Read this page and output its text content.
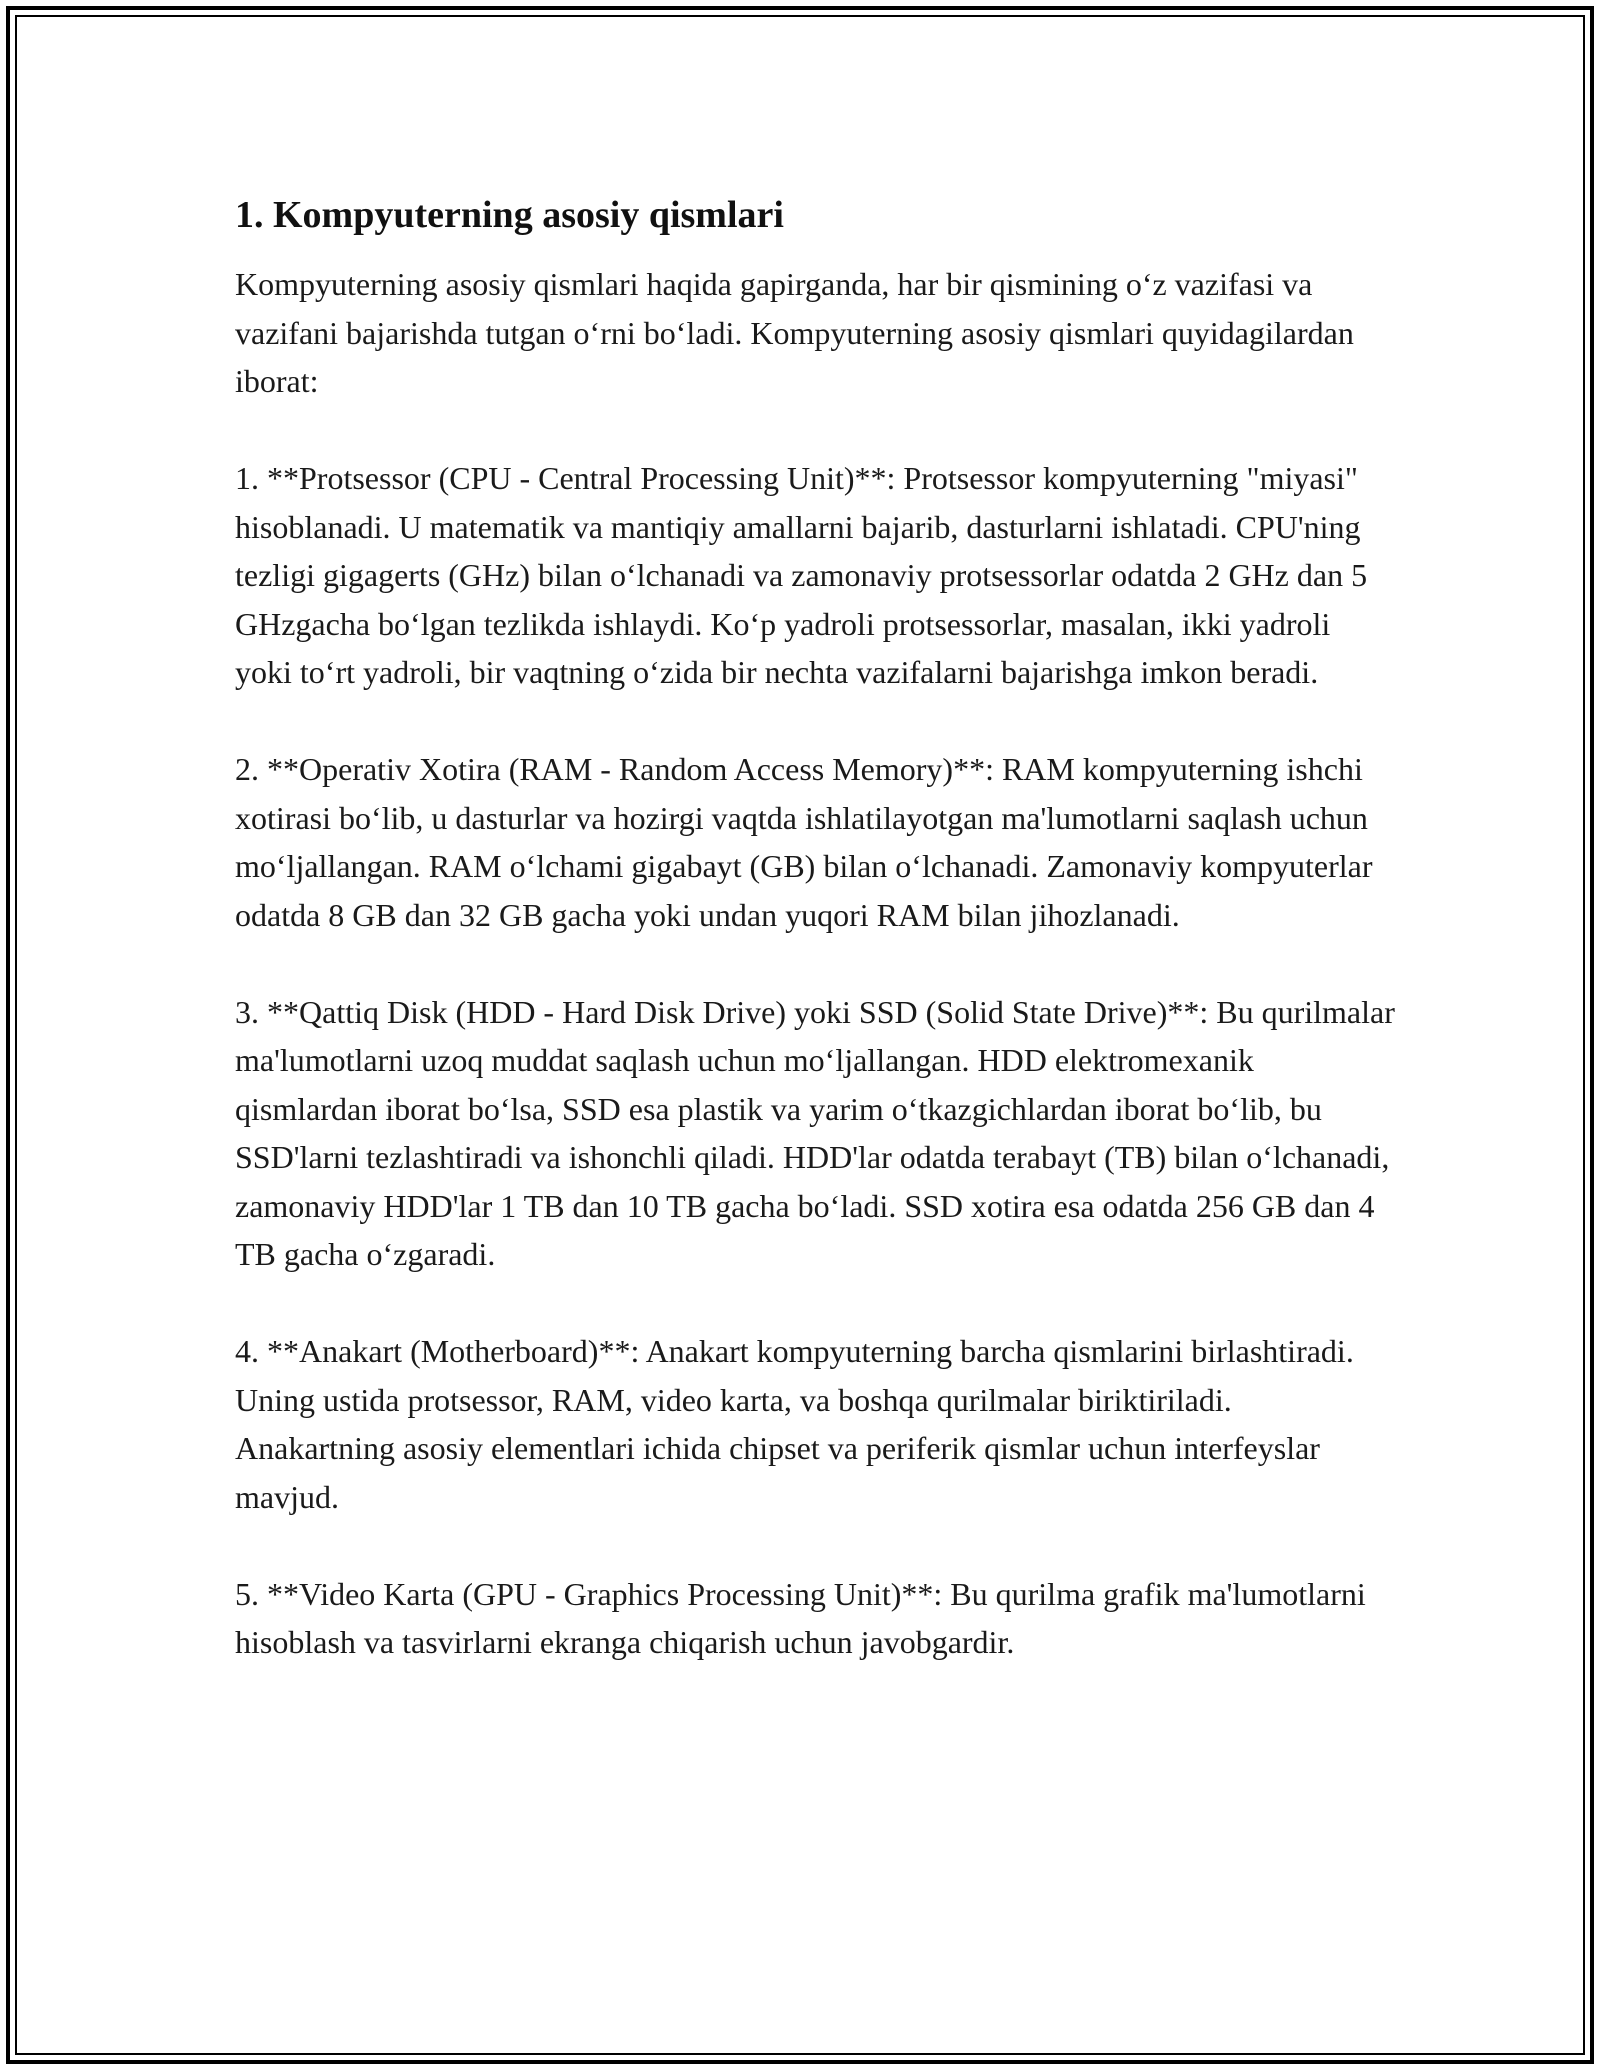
1. Kompyuterning asosiy qismlari

Kompyuterning asosiy qismlari haqida gapirganda, har bir qismining o‘z vazifasi va vazifani bajarishda tutgan o‘rni bo‘ladi. Kompyuterning asosiy qismlari quyidagilardan iborat:

1. **Protsessor (CPU - Central Processing Unit)**: Protsessor kompyuterning "miyasi" hisoblanadi. U matematik va mantiqiy amallarni bajarib, dasturlarni ishlatadi. CPU'ning tezligi gigagerts (GHz) bilan o‘lchanadi va zamonaviy protsessorlar odatda 2 GHz dan 5 GHzgacha bo‘lgan tezlikda ishlaydi. Ko‘p yadroli protsessorlar, masalan, ikki yadroli yoki to‘rt yadroli, bir vaqtning o‘zida bir nechta vazifalarni bajarishga imkon beradi.

2. **Operativ Xotira (RAM - Random Access Memory)**: RAM kompyuterning ishchi xotirasi bo‘lib, u dasturlar va hozirgi vaqtda ishlatilayotgan ma'lumotlarni saqlash uchun mo‘ljallangan. RAM o‘lchami gigabayt (GB) bilan o‘lchanadi. Zamonaviy kompyuterlar odatda 8 GB dan 32 GB gacha yoki undan yuqori RAM bilan jihozlanadi.

3. **Qattiq Disk (HDD - Hard Disk Drive) yoki SSD (Solid State Drive)**: Bu qurilmalar ma'lumotlarni uzoq muddat saqlash uchun mo‘ljallangan. HDD elektromexanik qismlardan iborat bo‘lsa, SSD esa plastik va yarim o‘tkazgichlardan iborat bo‘lib, bu SSD'larni tezlashtiradi va ishonchli qiladi. HDD'lar odatda terabayt (TB) bilan o‘lchanadi, zamonaviy HDD'lar 1 TB dan 10 TB gacha bo‘ladi. SSD xotira esa odatda 256 GB dan 4 TB gacha o‘zgaradi.

4. **Anakart (Motherboard)**: Anakart kompyuterning barcha qismlarini birlashtiradi. Uning ustida protsessor, RAM, video karta, va boshqa qurilmalar biriktiriladi. Anakartning asosiy elementlari ichida chipset va periferik qismlar uchun interfeyslar mavjud.

5. **Video Karta (GPU - Graphics Processing Unit)**: Bu qurilma grafik ma'lumotlarni hisoblash va tasvirlarni ekranga chiqarish uchun javobgardir.
